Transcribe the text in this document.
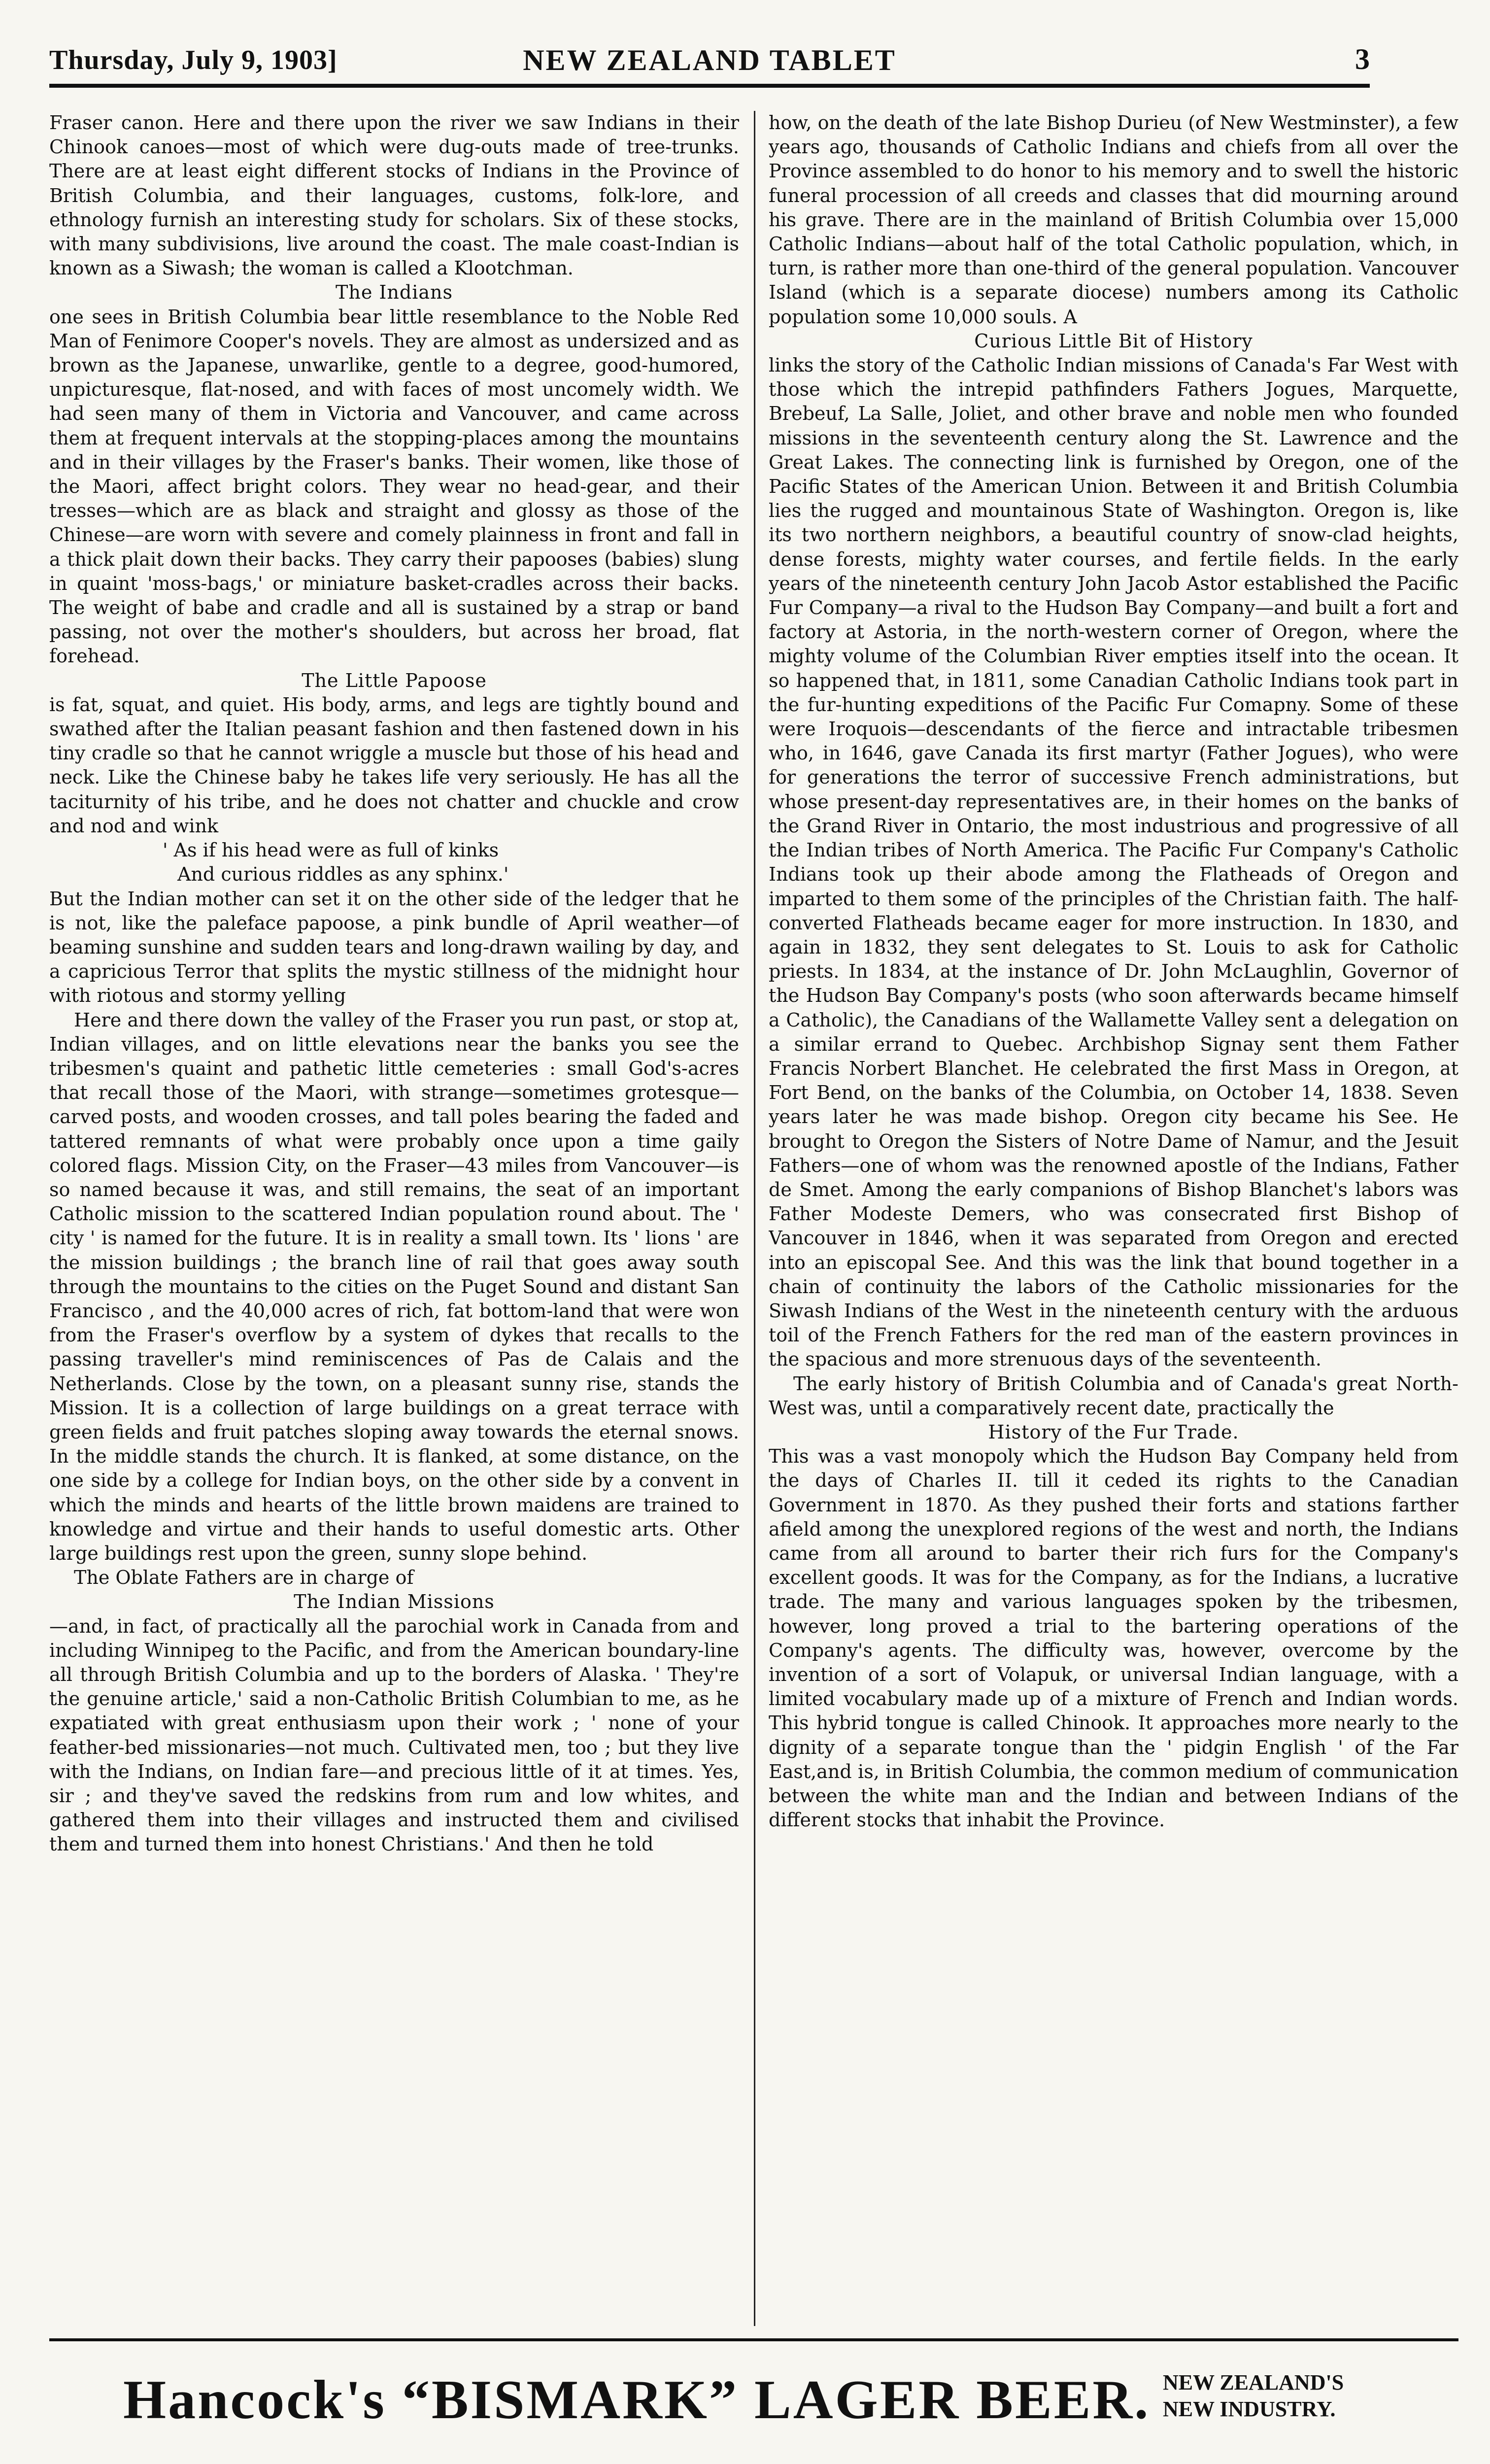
Thursday, July 9, 1903]	NEW ZEALAND TABLET	3

Fraser canon. Here and there upon the river we saw Indians in their Chinook canoes—most of which were dug-outs made of tree-trunks. There are at least eight different stocks of Indians in the Province of British Columbia, and their languages, customs, folk-lore, and ethnology furnish an interesting study for scholars. Six of these stocks, with many subdivisions, live around the coast. The male coast-Indian is known as a Siwash; the woman is called a Klootchman.

The Indians

one sees in British Columbia bear little resemblance to the Noble Red Man of Fenimore Cooper's novels. They are almost as undersized and as brown as the Japanese, unwarlike, gentle to a degree, good-humored, unpicturesque, flat-nosed, and with faces of most uncomely width. We had seen many of them in Victoria and Vancouver, and came across them at frequent intervals at the stopping-places among the mountains and in their villages by the Fraser's banks. Their women, like those of the Maori, affect bright colors. They wear no head-gear, and their tresses—which are as black and straight and glossy as those of the Chinese—are worn with severe and comely plainness in front and fall in a thick plait down their backs. They carry their papooses (babies) slung in quaint 'moss-bags,' or miniature basket-cradles across their backs. The weight of babe and cradle and all is sustained by a strap or band passing, not over the mother's shoulders, but across her broad, flat forehead.

The Little Papoose

is fat, squat, and quiet. His body, arms, and legs are tightly bound and swathed after the Italian peasant fashion and then fastened down in his tiny cradle so that he cannot wriggle a muscle but those of his head and neck. Like the Chinese baby he takes life very seriously. He has all the taciturnity of his tribe, and he does not chatter and chuckle and crow and nod and wink

' As if his head were as full of kinks
And curious riddles as any sphinx.'

But the Indian mother can set it on the other side of the ledger that he is not, like the paleface papoose, a pink bundle of April weather—of beaming sunshine and sudden tears and long-drawn wailing by day, and a capricious Terror that splits the mystic stillness of the midnight hour with riotous and stormy yelling

Here and there down the valley of the Fraser you run past, or stop at, Indian villages, and on little elevations near the banks you see the tribesmen's quaint and pathetic little cemeteries : small God's-acres that recall those of the Maori, with strange—sometimes grotesque—carved posts, and wooden crosses, and tall poles bearing the faded and tattered remnants of what were probably once upon a time gaily colored flags. Mission City, on the Fraser—43 miles from Vancouver—is so named because it was, and still remains, the seat of an important Catholic mission to the scattered Indian population round about. The ' city ' is named for the future. It is in reality a small town. Its ' lions ' are the mission buildings ; the branch line of rail that goes away south through the mountains to the cities on the Puget Sound and distant San Francisco , and the 40,000 acres of rich, fat bottom-land that were won from the Fraser's overflow by a system of dykes that recalls to the passing traveller's mind reminiscences of Pas de Calais and the Netherlands. Close by the town, on a pleasant sunny rise, stands the Mission. It is a collection of large buildings on a great terrace with green fields and fruit patches sloping away towards the eternal snows. In the middle stands the church. It is flanked, at some distance, on the one side by a college for Indian boys, on the other side by a convent in which the minds and hearts of the little brown maidens are trained to knowledge and virtue and their hands to useful domestic arts. Other large buildings rest upon the green, sunny slope behind.

The Oblate Fathers are in charge of

The Indian Missions

—and, in fact, of practically all the parochial work in Canada from and including Winnipeg to the Pacific, and from the American boundary-line all through British Columbia and up to the borders of Alaska. ' They're the genuine article,' said a non-Catholic British Columbian to me, as he expatiated with great enthusiasm upon their work ; ' none of your feather-bed missionaries—not much. Cultivated men, too ; but they live with the Indians, on Indian fare—and precious little of it at times. Yes, sir ; and they've saved the redskins from rum and low whites, and gathered them into their villages and instructed them and civilised them and turned them into honest Christians.' And then he told

how, on the death of the late Bishop Durieu (of New Westminster), a few years ago, thousands of Catholic Indians and chiefs from all over the Province assembled to do honor to his memory and to swell the historic funeral procession of all creeds and classes that did mourning around his grave. There are in the mainland of British Columbia over 15,000 Catholic Indians—about half of the total Catholic population, which, in turn, is rather more than one-third of the general population. Vancouver Island (which is a separate diocese) numbers among its Catholic population some 10,000 souls. A

Curious Little Bit of History

links the story of the Catholic Indian missions of Canada's Far West with those which the intrepid pathfinders Fathers Jogues, Marquette, Brebeuf, La Salle, Joliet, and other brave and noble men who founded missions in the seventeenth century along the St. Lawrence and the Great Lakes. The connecting link is furnished by Oregon, one of the Pacific States of the American Union. Between it and British Columbia lies the rugged and mountainous State of Washington. Oregon is, like its two northern neighbors, a beautiful country of snow-clad heights, dense forests, mighty water courses, and fertile fields. In the early years of the nineteenth century John Jacob Astor established the Pacific Fur Company—a rival to the Hudson Bay Company—and built a fort and factory at Astoria, in the north-western corner of Oregon, where the mighty volume of the Columbian River empties itself into the ocean. It so happened that, in 1811, some Canadian Catholic Indians took part in the fur-hunting expeditions of the Pacific Fur Comapny. Some of these were Iroquois—descendants of the fierce and intractable tribesmen who, in 1646, gave Canada its first martyr (Father Jogues), who were for generations the terror of successive French administrations, but whose present-day representatives are, in their homes on the banks of the Grand River in Ontario, the most industrious and progressive of all the Indian tribes of North America. The Pacific Fur Company's Catholic Indians took up their abode among the Flatheads of Oregon and imparted to them some of the principles of the Christian faith. The half-converted Flatheads became eager for more instruction. In 1830, and again in 1832, they sent delegates to St. Louis to ask for Catholic priests. In 1834, at the instance of Dr. John McLaughlin, Governor of the Hudson Bay Company's posts (who soon afterwards became himself a Catholic), the Canadians of the Wallamette Valley sent a delegation on a similar errand to Quebec. Archbishop Signay sent them Father Francis Norbert Blanchet. He celebrated the first Mass in Oregon, at Fort Bend, on the banks of the Columbia, on October 14, 1838. Seven years later he was made bishop. Oregon city became his See. He brought to Oregon the Sisters of Notre Dame of Namur, and the Jesuit Fathers—one of whom was the renowned apostle of the Indians, Father de Smet. Among the early companions of Bishop Blanchet's labors was Father Modeste Demers, who was consecrated first Bishop of Vancouver in 1846, when it was separated from Oregon and erected into an episcopal See. And this was the link that bound together in a chain of continuity the labors of the Catholic missionaries for the Siwash Indians of the West in the nineteenth century with the arduous toil of the French Fathers for the red man of the eastern provinces in the spacious and more strenuous days of the seventeenth.

The early history of British Columbia and of Canada's great North-West was, until a comparatively recent date, practically the

History of the Fur Trade.

This was a vast monopoly which the Hudson Bay Company held from the days of Charles II. till it ceded its rights to the Canadian Government in 1870. As they pushed their forts and stations farther afield among the unexplored regions of the west and north, the Indians came from all around to barter their rich furs for the Company's excellent goods. It was for the Company, as for the Indians, a lucrative trade. The many and various languages spoken by the tribesmen, however, long proved a trial to the bartering operations of the Company's agents. The difficulty was, however, overcome by the invention of a sort of Volapuk, or universal Indian language, with a limited vocabulary made up of a mixture of French and Indian words. This hybrid tongue is called Chinook. It approaches more nearly to the dignity of a separate tongue than the ' pidgin English ' of the Far East,and is, in British Columbia, the common medium of communication between the white man and the Indian and between Indians of the different stocks that inhabit the Province.

Hancock's “BISMARK” LAGER BEER. NEW ZEALAND'S
NEW INDUSTRY.
